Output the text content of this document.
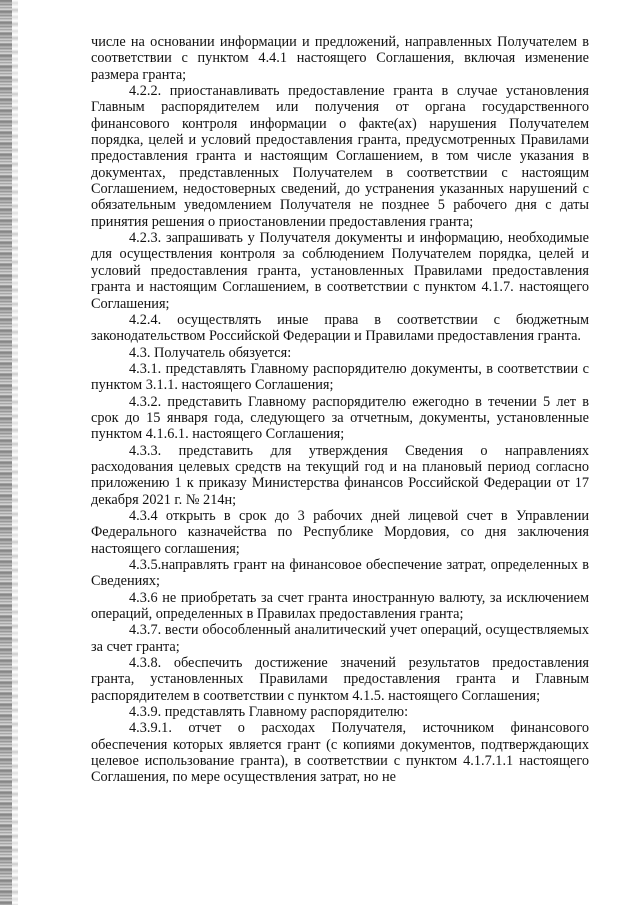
числе на основании информации и предложений, направленных Получателем в соответствии с пунктом 4.4.1 настоящего Соглашения, включая изменение размера гранта;

4.2.2. приостанавливать предоставление гранта в случае установления Главным распорядителем или получения от органа государственного финансового контроля информации о факте(ах) нарушения Получателем порядка, целей и условий предоставления гранта, предусмотренных Правилами предоставления гранта и настоящим Соглашением, в том числе указания в документах, представленных Получателем в соответствии с настоящим Соглашением, недостоверных сведений, до устранения указанных нарушений с обязательным уведомлением Получателя не позднее 5 рабочего дня с даты принятия решения о приостановлении предоставления гранта;

4.2.3. запрашивать у Получателя документы и информацию, необходимые для осуществления контроля за соблюдением Получателем порядка, целей и условий предоставления гранта, установленных Правилами предоставления гранта и настоящим Соглашением, в соответствии с пунктом 4.1.7. настоящего Соглашения;

4.2.4. осуществлять иные права в соответствии с бюджетным законодательством Российской Федерации и Правилами предоставления гранта.

4.3. Получатель обязуется:

4.3.1. представлять Главному распорядителю документы, в соответствии с пунктом 3.1.1. настоящего Соглашения;

4.3.2. представить Главному распорядителю ежегодно в течении 5 лет в срок до 15 января года, следующего за отчетным, документы, установленные пунктом 4.1.6.1. настоящего Соглашения;

4.3.3. представить для утверждения Сведения о направлениях расходования целевых средств на текущий год и на плановый период согласно приложению 1 к приказу Министерства финансов Российской Федерации от 17 декабря 2021 г. № 214н;

4.3.4 открыть в срок до 3 рабочих дней лицевой счет в Управлении Федерального казначейства по Республике Мордовия, со дня заключения настоящего соглашения;

4.3.5.направлять грант на финансовое обеспечение затрат, определенных в Сведениях;

4.3.6 не приобретать за счет гранта иностранную валюту, за исключением операций, определенных в Правилах предоставления гранта;

4.3.7. вести обособленный аналитический учет операций, осуществляемых за счет гранта;

4.3.8. обеспечить достижение значений результатов предоставления гранта, установленных Правилами предоставления гранта и Главным распорядителем в соответствии с пунктом 4.1.5. настоящего Соглашения;

4.3.9. представлять Главному распорядителю:

4.3.9.1. отчет о расходах Получателя, источником финансового обеспечения которых является грант (с копиями документов, подтверждающих целевое использование гранта), в соответствии с пунктом 4.1.7.1.1 настоящего Соглашения, по мере осуществления затрат, но не
